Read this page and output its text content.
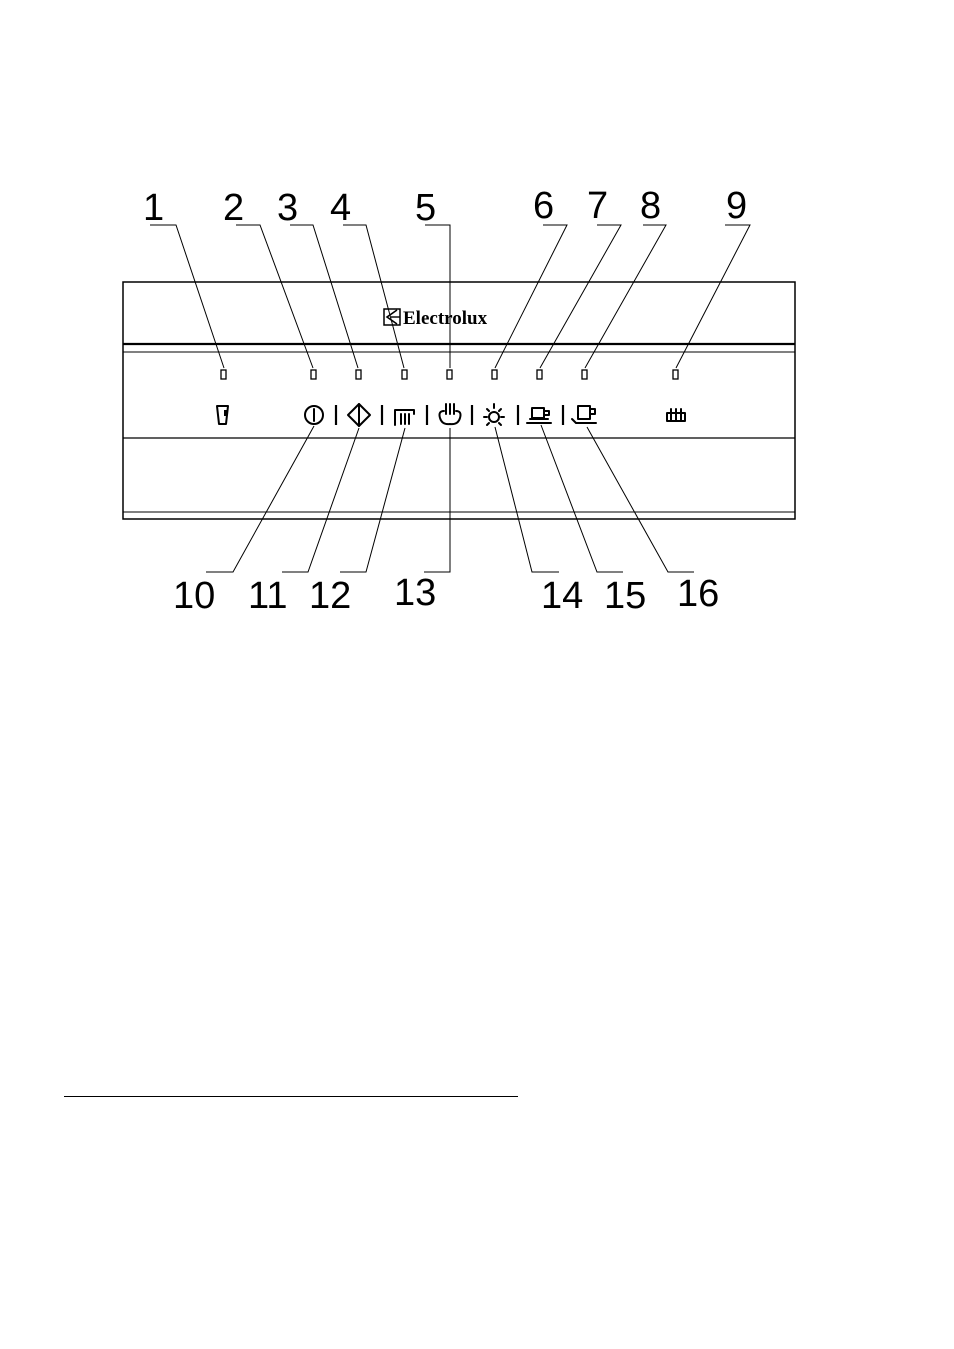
Electrolux
1 2 3 4 5	6 7 8 9
10 11 12 13	14 15 16
